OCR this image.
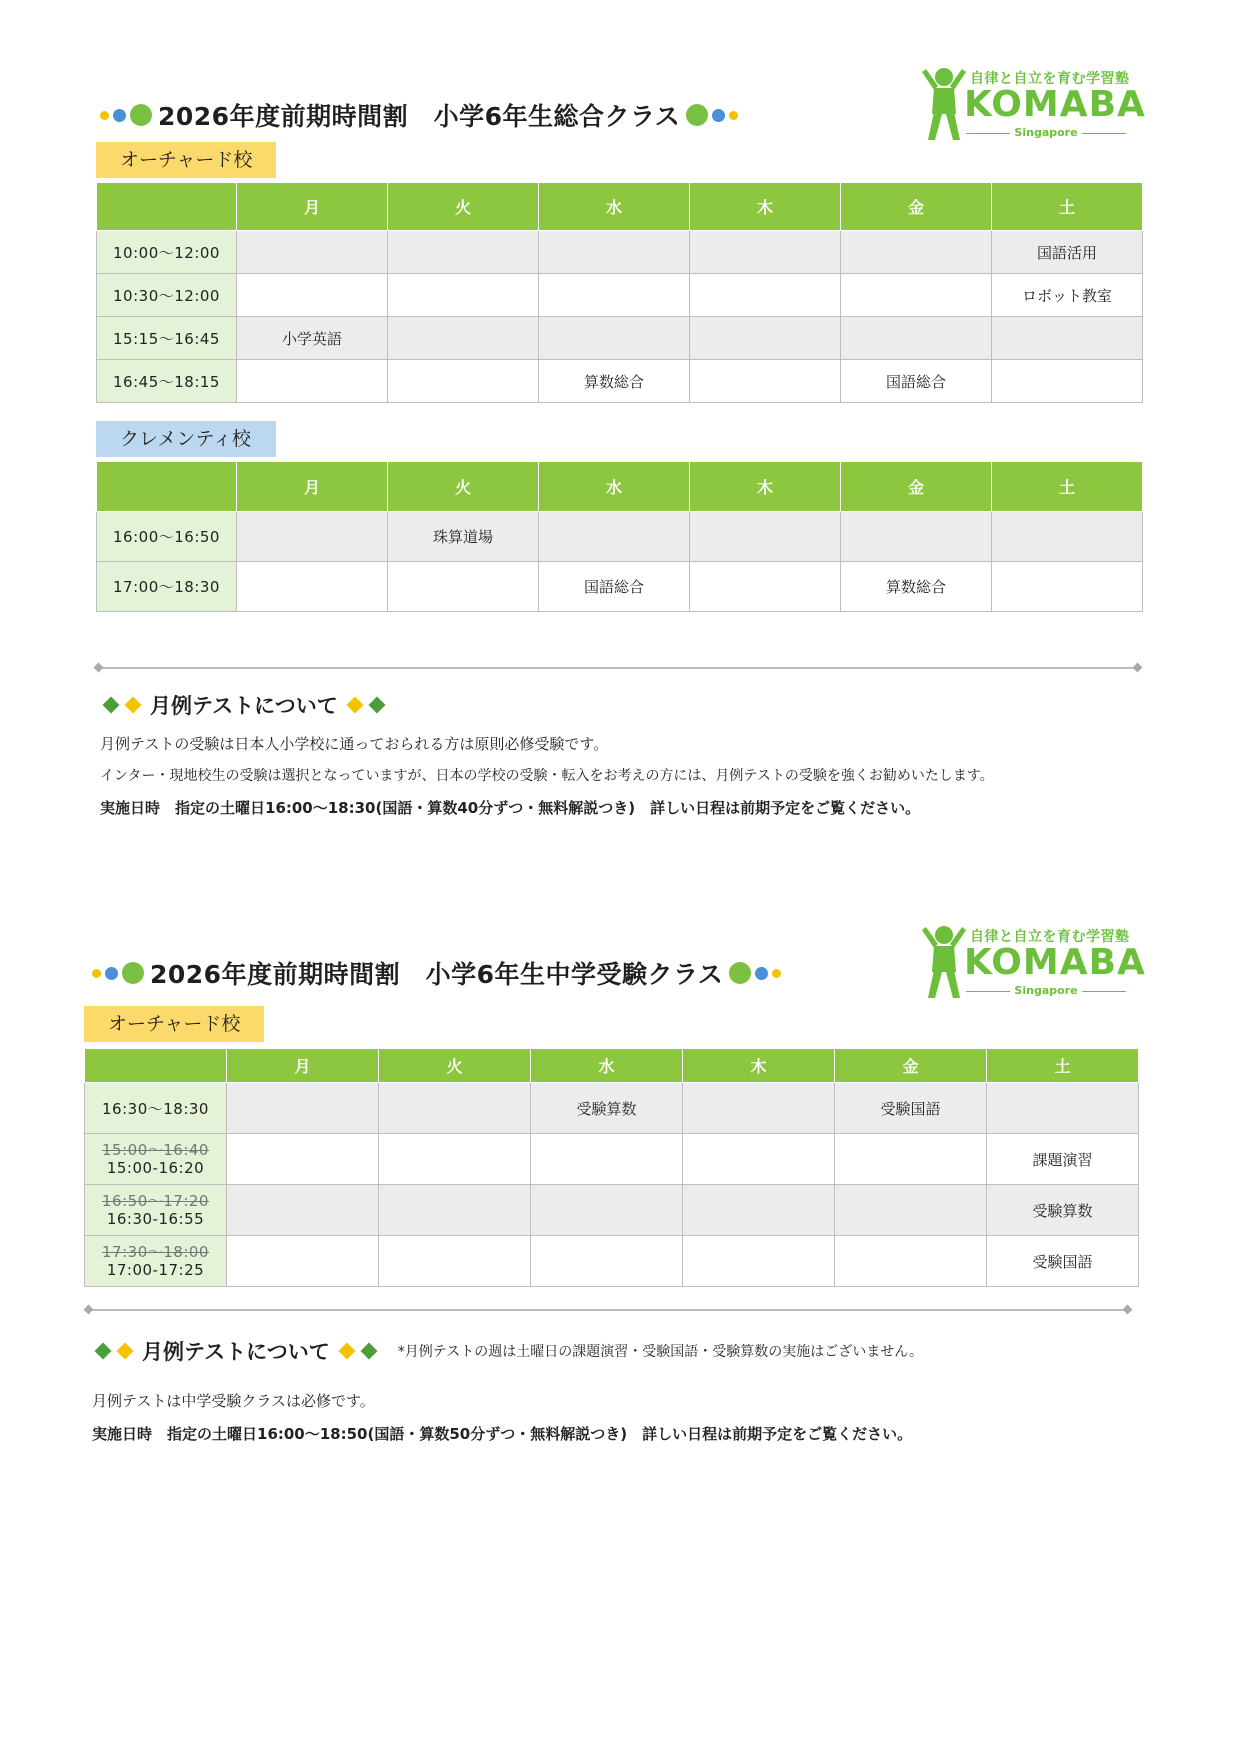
2026年度前期時間割　小学6年生総合クラス
自律と自立を育む学習塾
KOMABA
Singapore
オーチャード校
	月	火	水	木	金	土
10:00～12:00						国語活用
10:30～12:00						ロボット教室
15:15～16:45	小学英語					
16:45～18:15			算数総合		国語総合	
クレメンティ校
	月	火	水	木	金	土
16:00～16:50		珠算道場				
17:00～18:30			国語総合		算数総合	
月例テストについて
月例テストの受験は日本人小学校に通っておられる方は原則必修受験です。
インター・現地校生の受験は選択となっていますが、日本の学校の受験・転入をお考えの方には、月例テストの受験を強くお勧めいたします。
実施日時　指定の土曜日16:00～18:30(国語・算数40分ずつ・無料解説つき)　詳しい日程は前期予定をご覧ください。
2026年度前期時間割　小学6年生中学受験クラス
自律と自立を育む学習塾
KOMABA
Singapore
オーチャード校
	月	火	水	木	金	土
16:30～18:30			受験算数		受験国語	

15:00～16:40
15:00-16:20						課題演習

16:50～17:20
16:30-16:55						受験算数

17:30～18:00
17:00-17:25						受験国語
月例テストについて	*月例テストの週は土曜日の課題演習・受験国語・受験算数の実施はございません。
月例テストは中学受験クラスは必修です。
実施日時　指定の土曜日16:00～18:50(国語・算数50分ずつ・無料解説つき)　詳しい日程は前期予定をご覧ください。
